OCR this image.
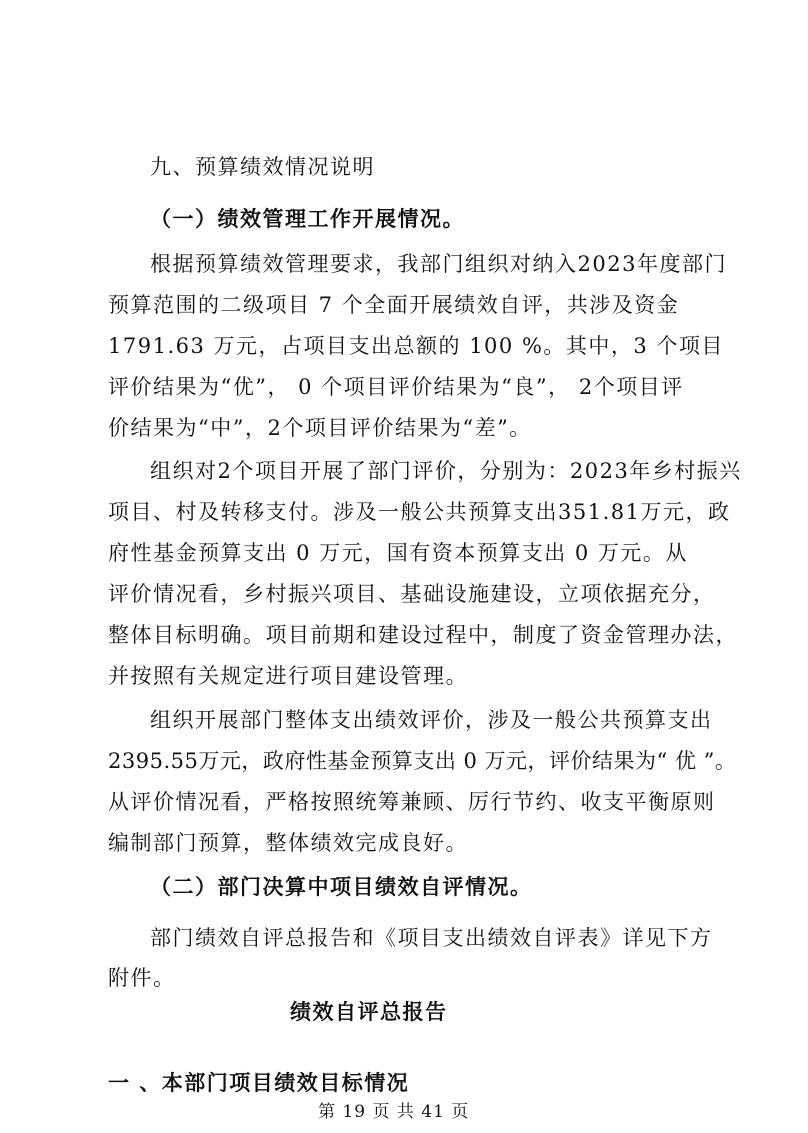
九、预算绩效情况说明
（一）绩效管理工作开展情况。
根据预算绩效管理要求，我部门组织对纳入2023年度部门
预算范围的二级项目 7 个全面开展绩效自评，共涉及资金
1791.63 万元，占项目支出总额的 100 %。其中，3 个项目
评价结果为“优”， 0 个项目评价结果为“良”， 2个项目评
价结果为“中”，2个项目评价结果为“差”。
组织对2个项目开展了部门评价，分别为：2023年乡村振兴
项目、村及转移支付。涉及一般公共预算支出351.81万元，政
府性基金预算支出 0 万元，国有资本预算支出 0 万元。从
评价情况看，乡村振兴项目、基础设施建设，立项依据充分，
整体目标明确。项目前期和建设过程中，制度了资金管理办法，
并按照有关规定进行项目建设管理。
组织开展部门整体支出绩效评价，涉及一般公共预算支出
2395.55万元，政府性基金预算支出 0 万元，评价结果为“ 优 ”。
从评价情况看，严格按照统筹兼顾、厉行节约、收支平衡原则
编制部门预算，整体绩效完成良好。
（二）部门决算中项目绩效自评情况。
部门绩效自评总报告和《项目支出绩效自评表》详见下方
附件。
绩效自评总报告
一 、本部门项目绩效目标情况
第 19 页 共 41 页
